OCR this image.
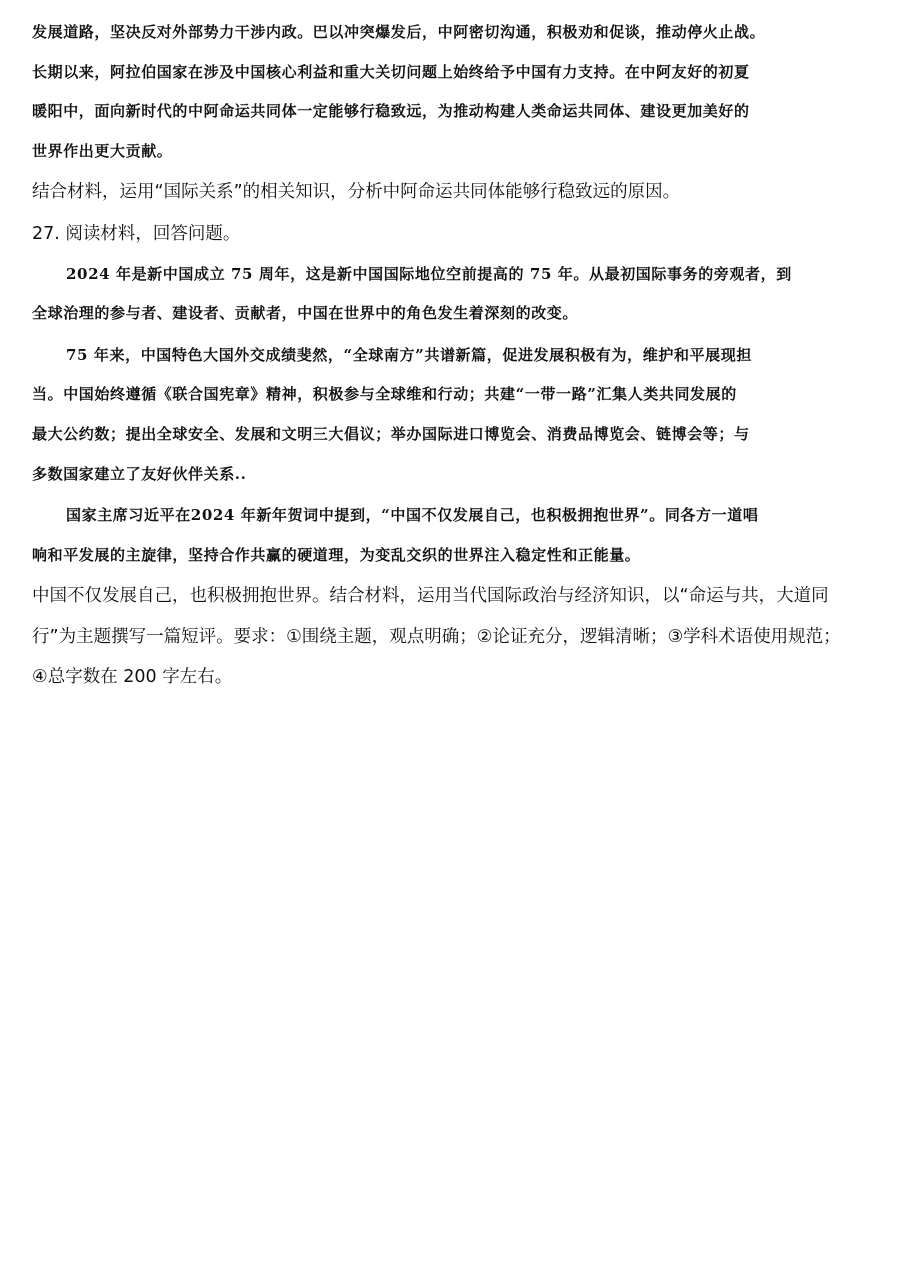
发展道路，坚决反对外部势力干涉内政。巴以冲突爆发后，中阿密切沟通，积极劝和促谈，推动停火止战。

长期以来，阿拉伯国家在涉及中国核心利益和重大关切问题上始终给予中国有力支持。在中阿友好的初夏

暖阳中，面向新时代的中阿命运共同体一定能够行稳致远，为推动构建人类命运共同体、建设更加美好的

世界作出更大贡献。

结合材料，运用“国际关系”的相关知识，分析中阿命运共同体能够行稳致远的原因。

27. 阅读材料，回答问题。

2024 年是新中国成立 75 周年，这是新中国国际地位空前提高的 75 年。从最初国际事务的旁观者，到

全球治理的参与者、建设者、贡献者，中国在世界中的角色发生着深刻的改变。

75 年来，中国特色大国外交成绩斐然，“全球南方”共谱新篇，促进发展积极有为，维护和平展现担

当。中国始终遵循《联合国宪章》精神，积极参与全球维和行动；共建“一带一路”汇集人类共同发展的

最大公约数；提出全球安全、发展和文明三大倡议；举办国际进口博览会、消费品博览会、链博会等；与

多数国家建立了友好伙伴关系..

国家主席习近平在2024 年新年贺词中提到，“中国不仅发展自己，也积极拥抱世界”。同各方一道唱

响和平发展的主旋律，坚持合作共赢的硬道理，为变乱交织的世界注入稳定性和正能量。

中国不仅发展自己，也积极拥抱世界。结合材料，运用当代国际政治与经济知识，以“命运与共，大道同

行”为主题撰写一篇短评。要求：①围绕主题，观点明确；②论证充分，逻辑清晰；③学科术语使用规范；

④总字数在 200 字左右。
